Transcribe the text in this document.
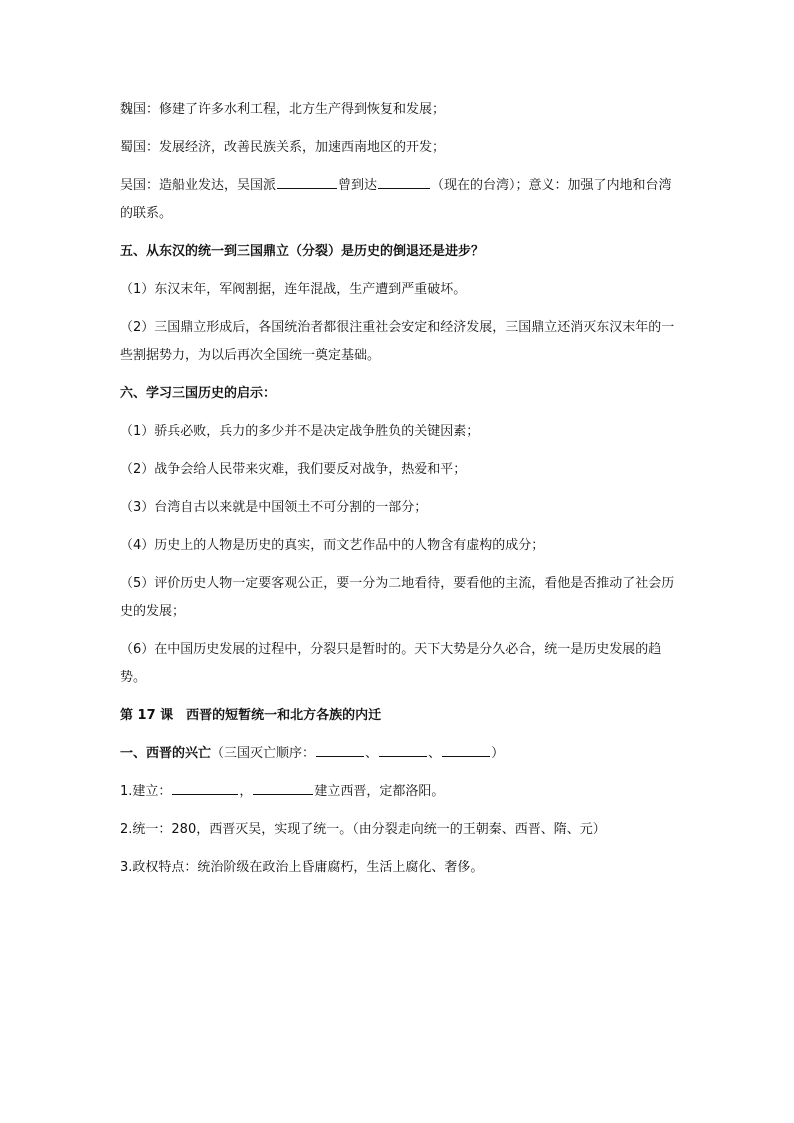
魏国：修建了许多水利工程，北方生产得到恢复和发展；

蜀国：发展经济，改善民族关系，加速西南地区的开发；

吴国：造船业发达，吴国派	曾到达	（现在的台湾）；意义：加强了内地和台湾的联系。

五、从东汉的统一到三国鼎立（分裂）是历史的倒退还是进步？

（1）东汉末年，军阀割据，连年混战，生产遭到严重破坏。

（2）三国鼎立形成后，各国统治者都很注重社会安定和经济发展，三国鼎立还消灭东汉末年的一些割据势力，为以后再次全国统一奠定基础。

六、学习三国历史的启示：

（1）骄兵必败，兵力的多少并不是决定战争胜负的关键因素；

（2）战争会给人民带来灾难，我们要反对战争，热爱和平；

（3）台湾自古以来就是中国领土不可分割的一部分；

（4）历史上的人物是历史的真实，而文艺作品中的人物含有虚构的成分；

（5）评价历史人物一定要客观公正，要一分为二地看待，要看他的主流，看他是否推动了社会历史的发展；

（6）在中国历史发展的过程中，分裂只是暂时的。天下大势是分久必合，统一是历史发展的趋势。

第 17 课　西晋的短暂统一和北方各族的内迁

一、西晋的兴亡（三国灭亡顺序：	、	、	）

1.建立：	，	建立西晋，定都洛阳。

2.统一：280，西晋灭吴，实现了统一。（由分裂走向统一的王朝秦、西晋、隋、元）

3.政权特点：统治阶级在政治上昏庸腐朽，生活上腐化、奢侈。
